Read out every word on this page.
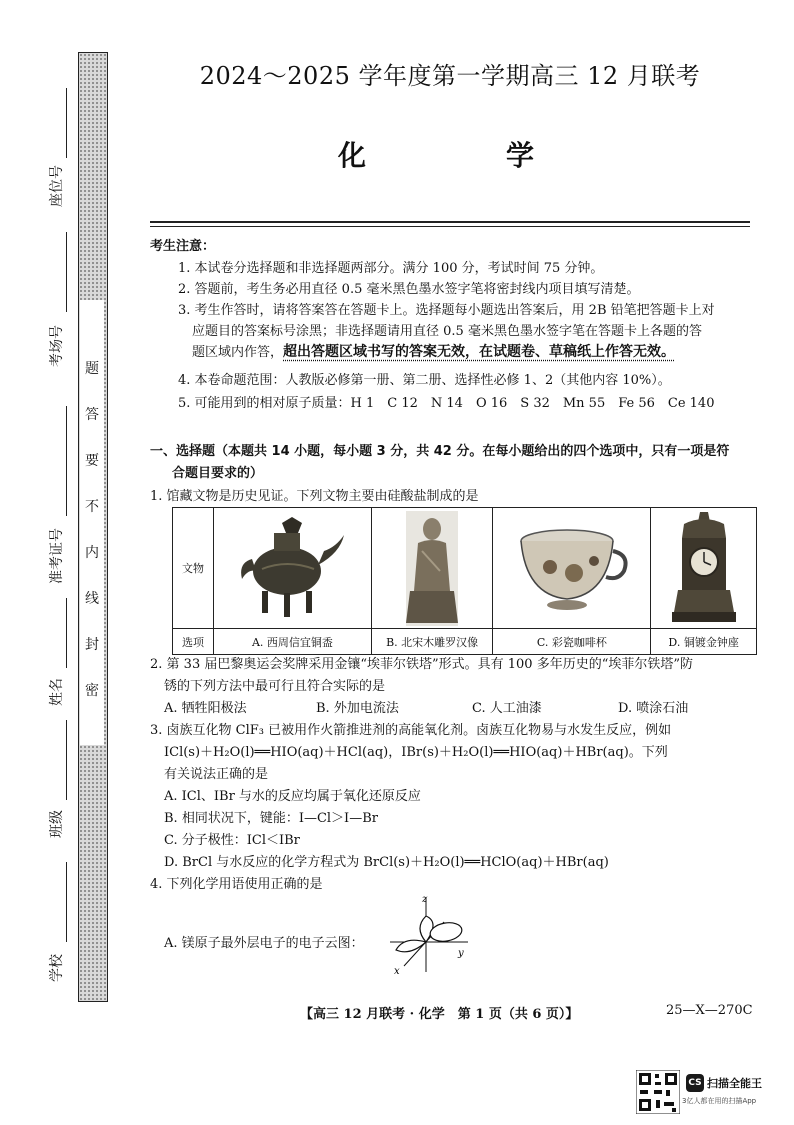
题
答
要
不
内
线
封
密
座位号
考场号
准考证号
姓名
班级
学校
2024～2025 学年度第一学期高三 12 月联考
化　　学
考生注意：
1. 本试卷分选择题和非选择题两部分。满分 100 分，考试时间 75 分钟。
2. 答题前，考生务必用直径 0.5 毫米黑色墨水签字笔将密封线内项目填写清楚。
3. 考生作答时，请将答案答在答题卡上。选择题每小题选出答案后，用 2B 铅笔把答题卡上对
应题目的答案标号涂黑；非选择题请用直径 0.5 毫米黑色墨水签字笔在答题卡上各题的答
题区域内作答，超出答题区域书写的答案无效，在试题卷、草稿纸上作答无效。
4. 本卷命题范围：人教版必修第一册、第二册、选择性必修 1、2（其他内容 10%）。
5. 可能用到的相对原子质量：H 1　C 12　N 14　O 16　S 32　Mn 55　Fe 56　Ce 140
一、选择题（本题共 14 小题，每小题 3 分，共 42 分。在每小题给出的四个选项中，只有一项是符
合题目要求的）
1. 馆藏文物是历史见证。下列文物主要由硅酸盐制成的是
文物	

选项	A. 西周信宜铜盉	B. 北宋木雕罗汉像	C. 彩瓷咖啡杯	D. 铜镀金钟座
2. 第 33 届巴黎奥运会奖牌采用金镶“埃菲尔铁塔”形式。具有 100 多年历史的“埃菲尔铁塔”防
锈的下列方法中最可行且符合实际的是
A. 牺牲阳极法	B. 外加电流法	C. 人工油漆	D. 喷涂石油
3. 卤族互化物 ClF₃ 已被用作火箭推进剂的高能氧化剂。卤族互化物易与水发生反应，例如
ICl(s)＋H₂O(l)══HIO(aq)＋HCl(aq)，IBr(s)＋H₂O(l)══HIO(aq)＋HBr(aq)。下列
有关说法正确的是
A. ICl、IBr 与水的反应均属于氧化还原反应
B. 相同状况下，键能：I—Cl＞I—Br
C. 分子极性：ICl＜IBr
D. BrCl 与水反应的化学方程式为 BrCl(s)＋H₂O(l)══HClO(aq)＋HBr(aq)
4. 下列化学用语使用正确的是
A. 镁原子最外层电子的电子云图：
z
y
x
【高三 12 月联考 · 化学　第 1 页（共 6 页）】	25—X—270C
CS 扫描全能王
3亿人都在用的扫描App
